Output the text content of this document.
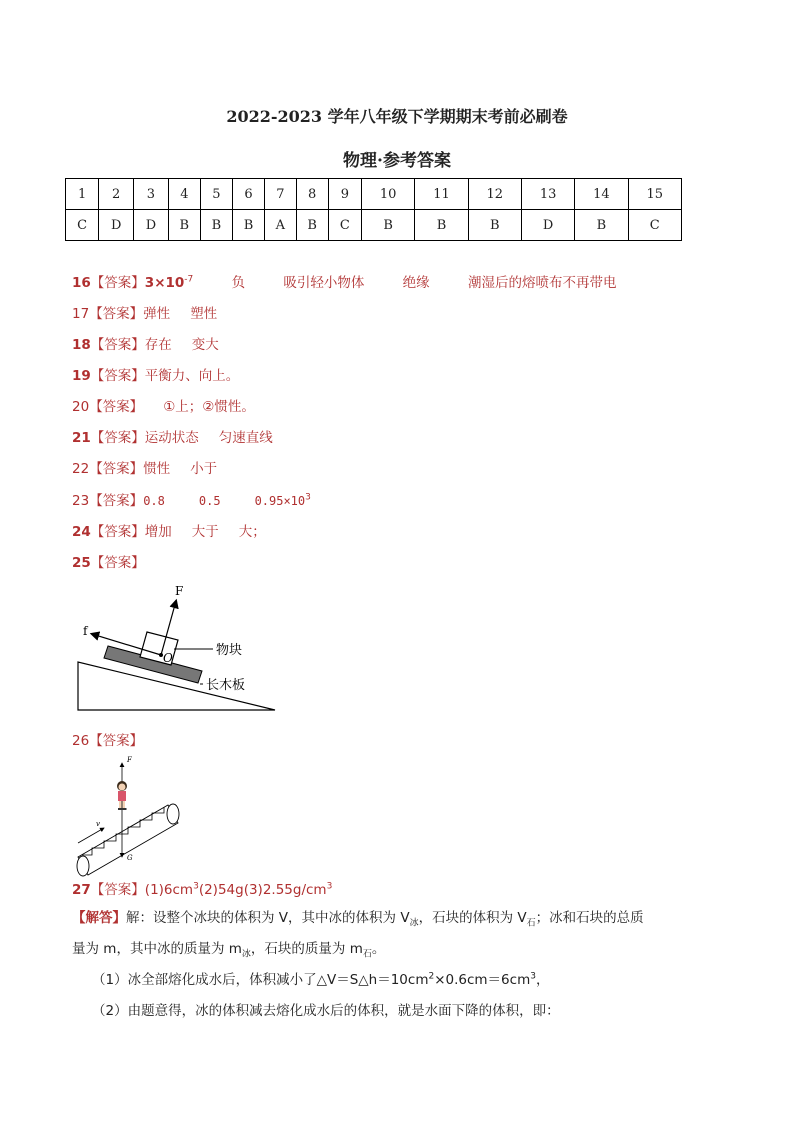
2022-2023 学年八年级下学期期末考前必刷卷
物理·参考答案
1	2	3	4	5	6	7	8	9	10	11	12	13	14	15
C	D	D	B	B	B	A	B	C	B	B	B	D	B	C
16【答案】$3\times 10^{-7}$	负	吸引轻小物体	绝缘	潮湿后的熔喷布不再带电
17【答案】弹性 塑性
18【答案】存在 变大
19【答案】平衡力、向上。
20【答案】 ①上；②惯性。
21【答案】运动状态 匀速直线
22【答案】惯性 小于
23【答案】0.8	0.5	$0.95\times 10^3$
24【答案】增加 大于 大；
25【答案】
F
f
O	物块
长木板
26【答案】
v
F
G
27【答案】$(1)6cm^3(2)54g(3)2.55g/cm^3$
【解答】解：设整个冰块的体积为 V，其中冰的体积为 $V_冰$，石块的体积为 $V_石$；冰和石块的总质
量为 m，其中冰的质量为 $m_冰$，石块的质量为 $m_石$。
（1）冰全部熔化成水后，体积减小了$\triangle V=S\triangle h=10cm^2\times 0.6cm=6cm^3$，
（2）由题意得，冰的体积减去熔化成水后的体积，就是水面下降的体积，即：
